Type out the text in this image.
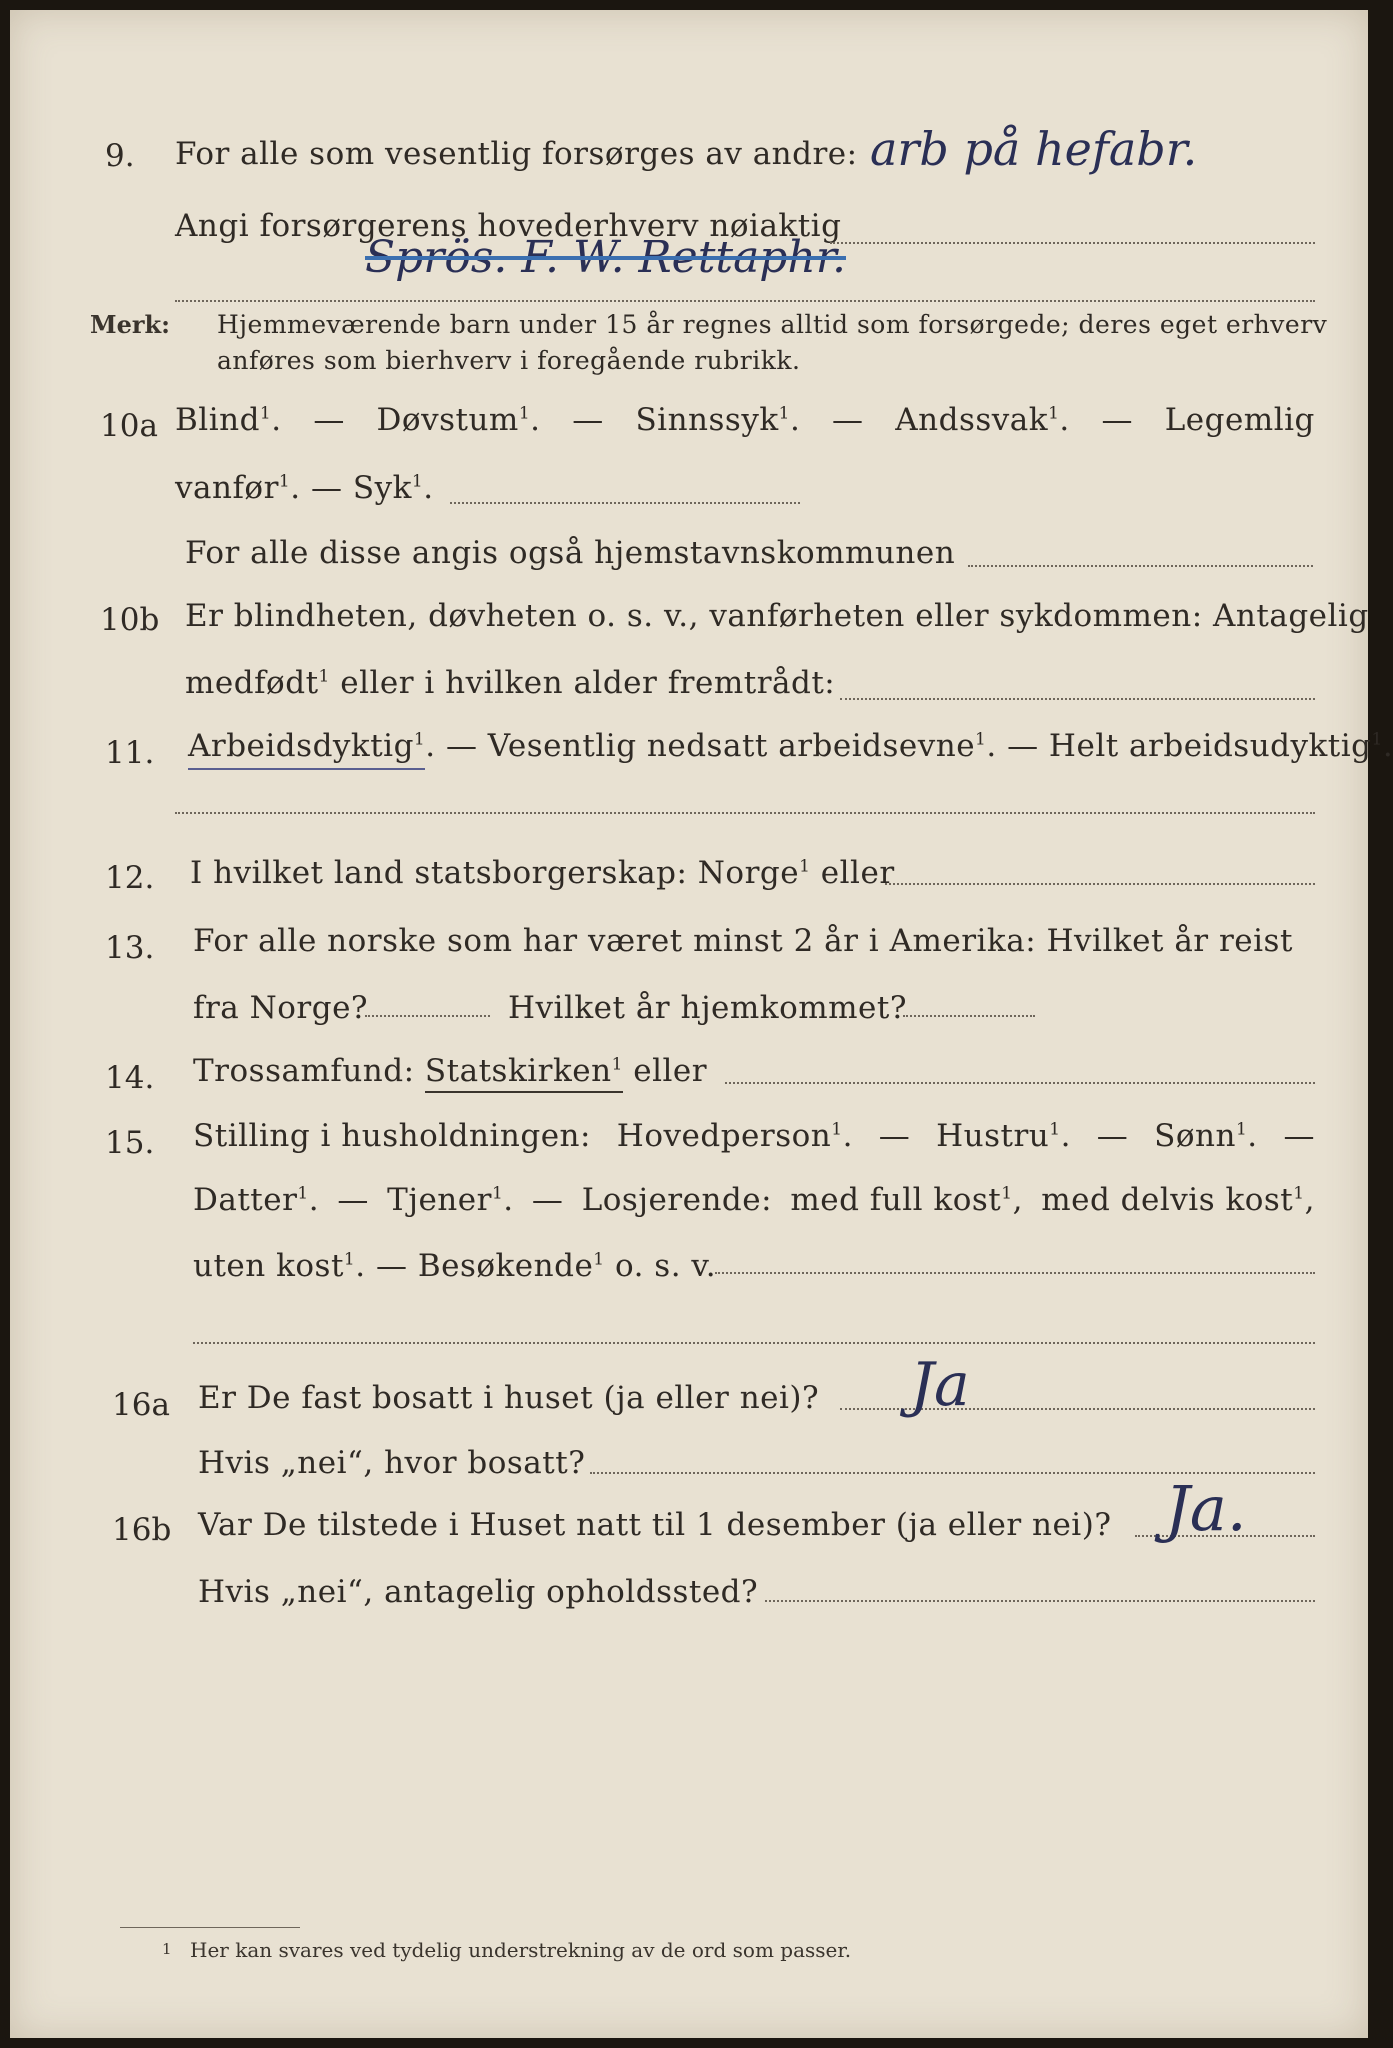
9. For alle som vesentlig forsørges av andre: arb på hefabr.
Angi forsørgerens hovederhverv nøiaktig
Sprös. F. W. Rettaphr.
Merk: Hjemmeværende barn under 15 år regnes alltid som forsørgede; deres eget erhverv
anføres som bierhverv i foregående rubrikk.
10a Blind$^1$. — Døvstum$^1$. — Sinnssyk$^1$. — Andssvak$^1$. — Legemlig
vanfør$^1$. — Syk$^1$.
For alle disse angis også hjemstavnskommunen
10b Er blindheten, døvheten o. s. v., vanførheten eller sykdommen: Antagelig
medfødt$^1$ eller i hvilken alder fremtrådt:
11. Arbeidsdyktig$^1$. — Vesentlig nedsatt arbeidsevne$^1$. — Helt arbeidsudyktig$^1$.
12. I hvilket land statsborgerskap: Norge$^1$ eller
13. For alle norske som har været minst 2 år i Amerika: Hvilket år reist
fra Norge?	Hvilket år hjemkommet?
14. Trossamfund: Statskirken$^1$ eller
15. Stilling i husholdningen: Hovedperson$^1$. — Hustru$^1$. — Sønn$^1$. —
Datter$^1$. — Tjener$^1$. — Losjerende: med full kost$^1$, med delvis kost$^1$,
uten kost$^1$. — Besøkende$^1$ o. s. v.
16a Er De fast bosatt i huset (ja eller nei)? Ja
Hvis „nei“, hvor bosatt?
16b Var De tilstede i Huset natt til 1 desember (ja eller nei)? Ja.
Hvis „nei“, antagelig opholdssted?
1 Her kan svares ved tydelig understrekning av de ord som passer.
